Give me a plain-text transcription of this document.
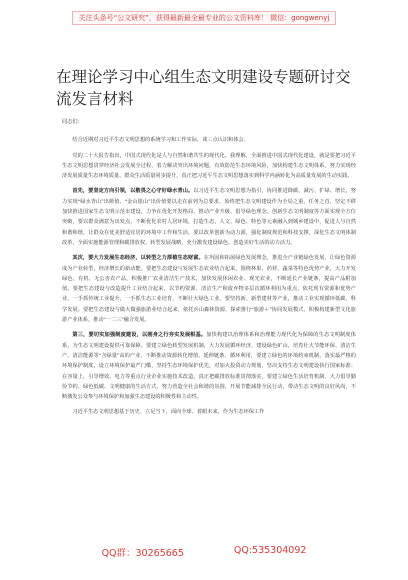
关注头条号“公文研究”，获得最新最全最专业的公文资料库！ 微信：gongwenyj
在理论学习中心组生态文明建设专题研讨交流发言材料

同志们：

结合近期对习近平生态文明思想的系统学习和工作实际，谈三点认识和体会。

党的二十大报告指出，中国式现代化是人与自然和谐共生的现代化。我理解，全面推进中国式现代化建设，就是要把习近平生态文明思想贯穿经济社会发展全过程，着力解决突出环境问题，有效防范生态环境风险，加快构建生态文明体系。努力实现经济发展质量生态环境质量、群众生活质量同步提升，真正把习近平生态文明思想落实到科学内涵转化为高质量发展的生动实践。

首先，要坚定方向引领，以敬畏之心守好绿水青山。以习近平生态文明思想为指引，协同推进降碳、减污、扩绿、增长，努力实现“绿水青山”出颜值、“金山银山”出价值要以走在前列为总要求，始终把生态文明建设作为全局之重、任务之首，坚定不移加快推进国家生态文明示范市建设，力争在优化开发格局、推动产业升级、倡导绿色理念、创新生态文明制度等方面实现全方位突破，要以群众满意为出发点，不断优化农村人居环境，打造生态、人文、绿色、特色等元素融入到城乡建设中，促进人与自然和谐和谐，让群众在优美舒适宜居的环境中工作和生活。要以改革创新为动力源，强化制度规范和科技支撑，深化生态文明体制改革，全面实施能源管理和碳排放权、转型发展战略，充分激发建设绿色、创造美好生活的动力活力。

其次，要大力发展生态经济，以转型之力厚植生态财富。在巩固和拓展绿色发展理念，推进全产业链绿色发展，让绿色资源成为产业转型、经济增长的新动能。要把生态建设与发展生态农业结合起来，围绕林果、药材、蔬菜等特色优势产业，大力开发绿色、有机、无公害农产品，积极推广农业清洁生产技术，加快发展休闲农业、观光农业，不断延长产业链条，提高产品附加值。要把生态建设与改造提升工业结合起来，以节约资源、清洁生产和废弃物多层次循环利用为重点，依托现有资源和优势产业，一手抓传统工业提升，一手抓生态工业培育，不断壮大绿色工业。要坚持新、新型建材等产业，推动工业实现循环低碳、科学发展。要把生态建设与做大做强旅游业结合起来，依托兵山森林资源，探索推行“旅游＋”协同发展模式，积极构建新型文化旅游产业体系，推动“一二三”融合发展。

第三，要切实加强制度建设，以刚身之行夯实发展根基。加快构建以治理体系和治理能力现代化为保障的生态文明制度体系，为生态文明建设提供可靠保障。要建立绿色转型发展机制，大力发展循环经济，建设绿色矿山，培育壮大节能环保、清洁生产、清洁能源等“含绿量”高的产业，不断推动资源转化增值、延伸链条、循环利用，要建立绿色的环境约束机制，落实最严格的环境保护制度，设立环境保护最严门槛，坚持生态环境保护优先，对加大投资动力规划，坚决支持生态文明建设执行国家标准：在容量上，引导增效。电力等重点行业企业实施技术改造，真正把碳排放标准贯彻落实，要建立绿色生活培育机制，大力倡导勤俭节约、绿色低碳、文明健康的生活方式，努力营造全社会和谐的氛围，开展节能减排全民行动，带动生态文明的良好风尚，不断激发公众参与环境保护和加强生态建设的积极性和主动性。

习近平生态文明思想基于历史、立足当下，面向全球、着眼未来，作为生态环保工作

QQ群：30265665	QQ:535304092
